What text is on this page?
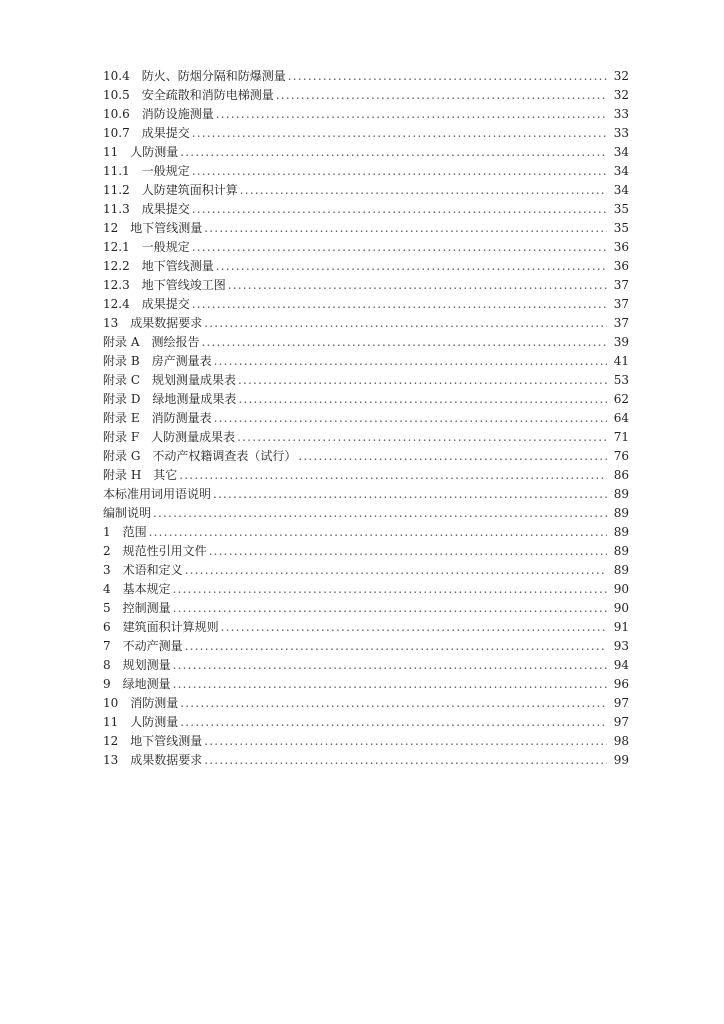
10.4　防火、防烟分隔和防爆测量 .....	32
10.5　安全疏散和消防电梯测量 .....	32
10.6　消防设施测量 .....	33
10.7　成果提交 .....	33
11　人防测量 .....	34
11.1　一般规定 .....	34
11.2　人防建筑面积计算 .....	34
11.3　成果提交 .....	35
12　地下管线测量 .....	35
12.1　一般规定 .....	36
12.2　地下管线测量 .....	36
12.3　地下管线竣工图 .....	37
12.4　成果提交 .....	37
13　成果数据要求 .....	37
附录 A　测绘报告 .....	39
附录 B　房产测量表 .....	41
附录 C　规划测量成果表 .....	53
附录 D　绿地测量成果表 .....	62
附录 E　消防测量表 .....	64
附录 F　人防测量成果表 .....	71
附录 G　不动产权籍调查表（试行） .....	76
附录 H　其它 .....	86
本标准用词用语说明 .....	89
编制说明 .....	89
1　范围 .....	89
2　规范性引用文件 .....	89
3　术语和定义 .....	89
4　基本规定 .....	90
5　控制测量 .....	90
6　建筑面积计算规则 .....	91
7　不动产测量 .....	93
8　规划测量 .....	94
9　绿地测量 .....	96
10　消防测量 .....	97
11　人防测量 .....	97
12　地下管线测量 .....	98
13　成果数据要求 .....	99
